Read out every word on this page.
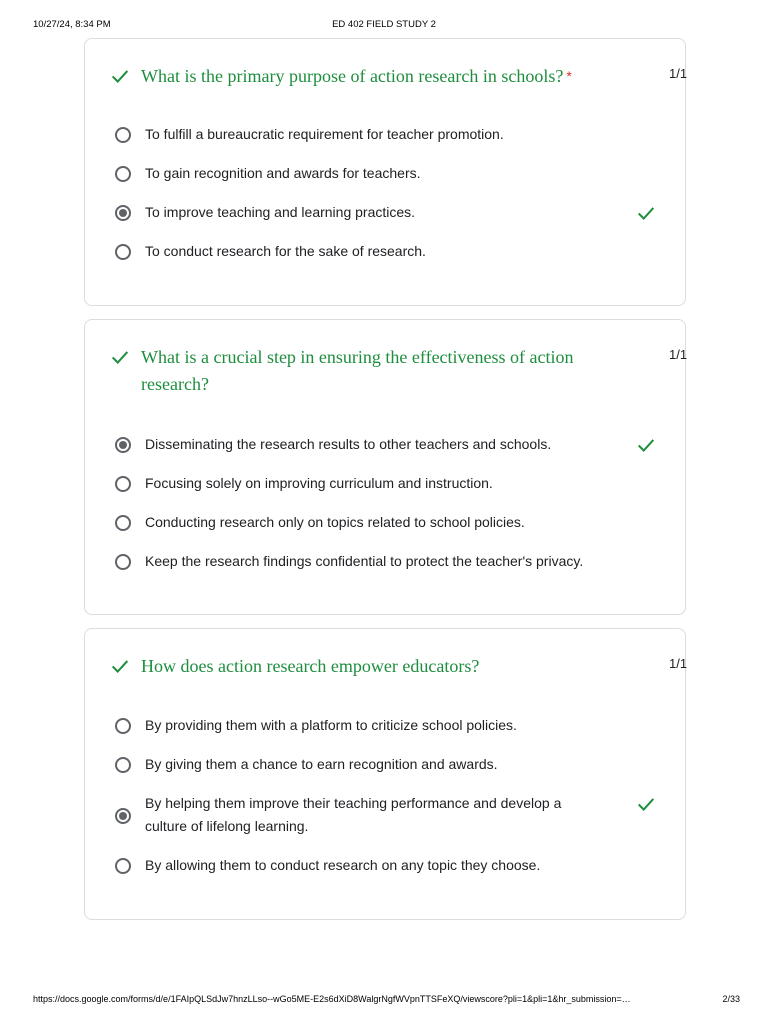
10/27/24, 8:34 PM	ED 402 FIELD STUDY 2
What is the primary purpose of action research in schools? *	1/1
To fulfill a bureaucratic requirement for teacher promotion.
To gain recognition and awards for teachers.
To improve teaching and learning practices.
To conduct research for the sake of research.
What is a crucial step in ensuring the effectiveness of action research?
1/1
Disseminating the research results to other teachers and schools.
Focusing solely on improving curriculum and instruction.
Conducting research only on topics related to school policies.
Keep the research findings confidential to protect the teacher's privacy.
How does action research empower educators?	1/1
By providing them with a platform to criticize school policies.
By giving them a chance to earn recognition and awards.
By helping them improve their teaching performance and develop a culture of lifelong learning.
By allowing them to conduct research on any topic they choose.
https://docs.google.com/forms/d/e/1FAIpQLSdJw7hnzLLso--wGo5ME-E2s6dXiD8WalgrNgfWVpnTTSFeXQ/viewscore?pli=1&pli=1&hr_submission=…	2/33
